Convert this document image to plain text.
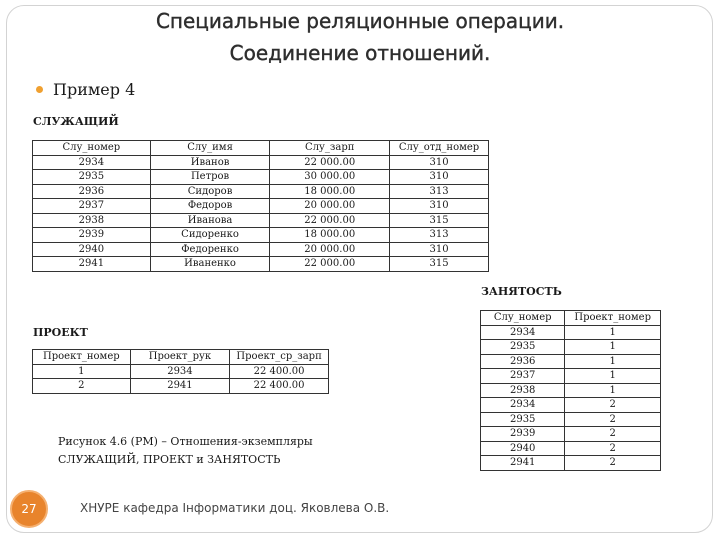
Специальные реляционные операции.
Соединение отношений.
Пример 4
СЛУЖАЩИЙ
Слу_номер	Слу_имя	Слу_зарп	Слу_отд_номер
2934	Иванов	22 000.00	310
2935	Петров	30 000.00	310
2936	Сидоров	18 000.00	313
2937	Федоров	20 000.00	310
2938	Иванова	22 000.00	315
2939	Сидоренко	18 000.00	313
2940	Федоренко	20 000.00	310
2941	Иваненко	22 000.00	315
ЗАНЯТОСТЬ
Слу_номер	Проект_номер
2934	1
2935	1
2936	1
2937	1
2938	1
2934	2
2935	2
2939	2
2940	2
2941	2
ПРОЕКТ
Проект_номер	Проект_рук	Проект_ср_зарп
1	2934	22 400.00
2	2941	22 400.00
Рисунок 4.6 (РМ) – Отношения-экземпляры
СЛУЖАЩИЙ, ПРОЕКТ и ЗАНЯТОСТЬ
27	ХНУРЕ кафедра Інформатики доц. Яковлева О.В.
